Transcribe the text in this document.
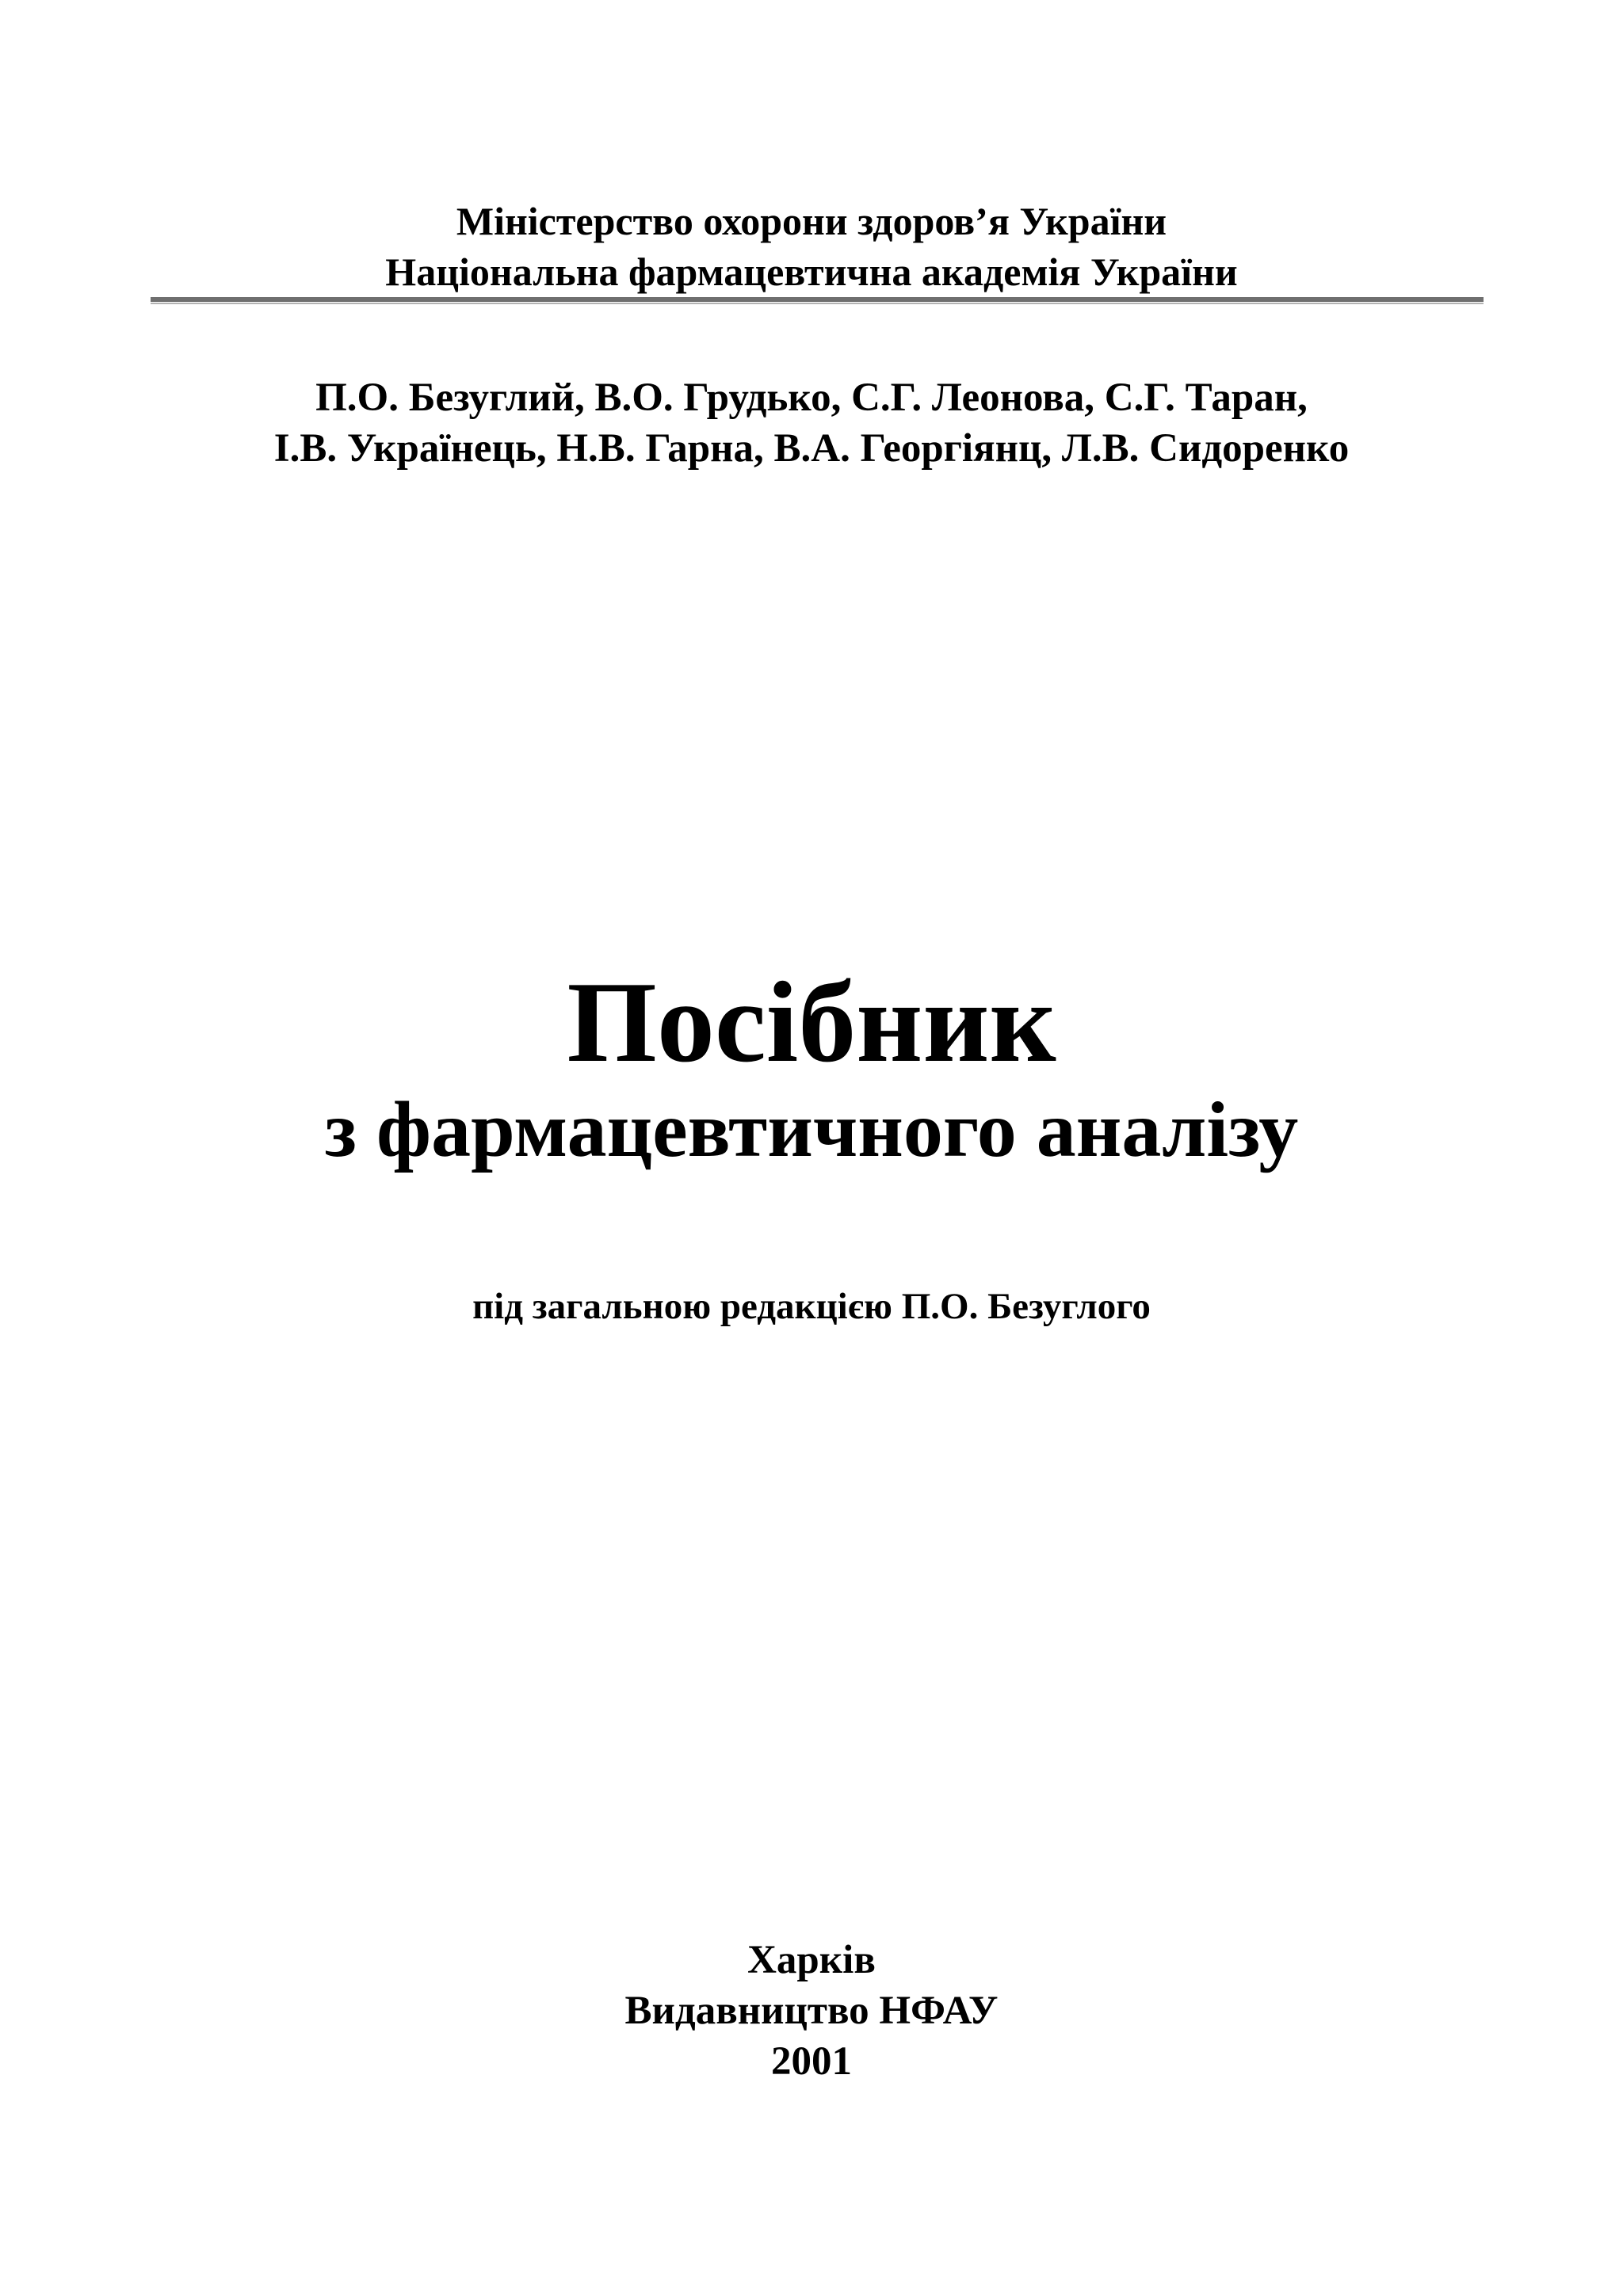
Міністерство охорони здоров’я України
Національна фармацевтична академія України
П.О. Безуглий, В.О. Грудько, С.Г. Леонова, С.Г. Таран,
І.В. Українець, Н.В. Гарна, В.А. Георгіянц, Л.В. Сидоренко
Посібник
з фармацевтичного аналізу
під загальною редакцією П.О. Безуглого
Харків
Видавництво НФАУ
2001
